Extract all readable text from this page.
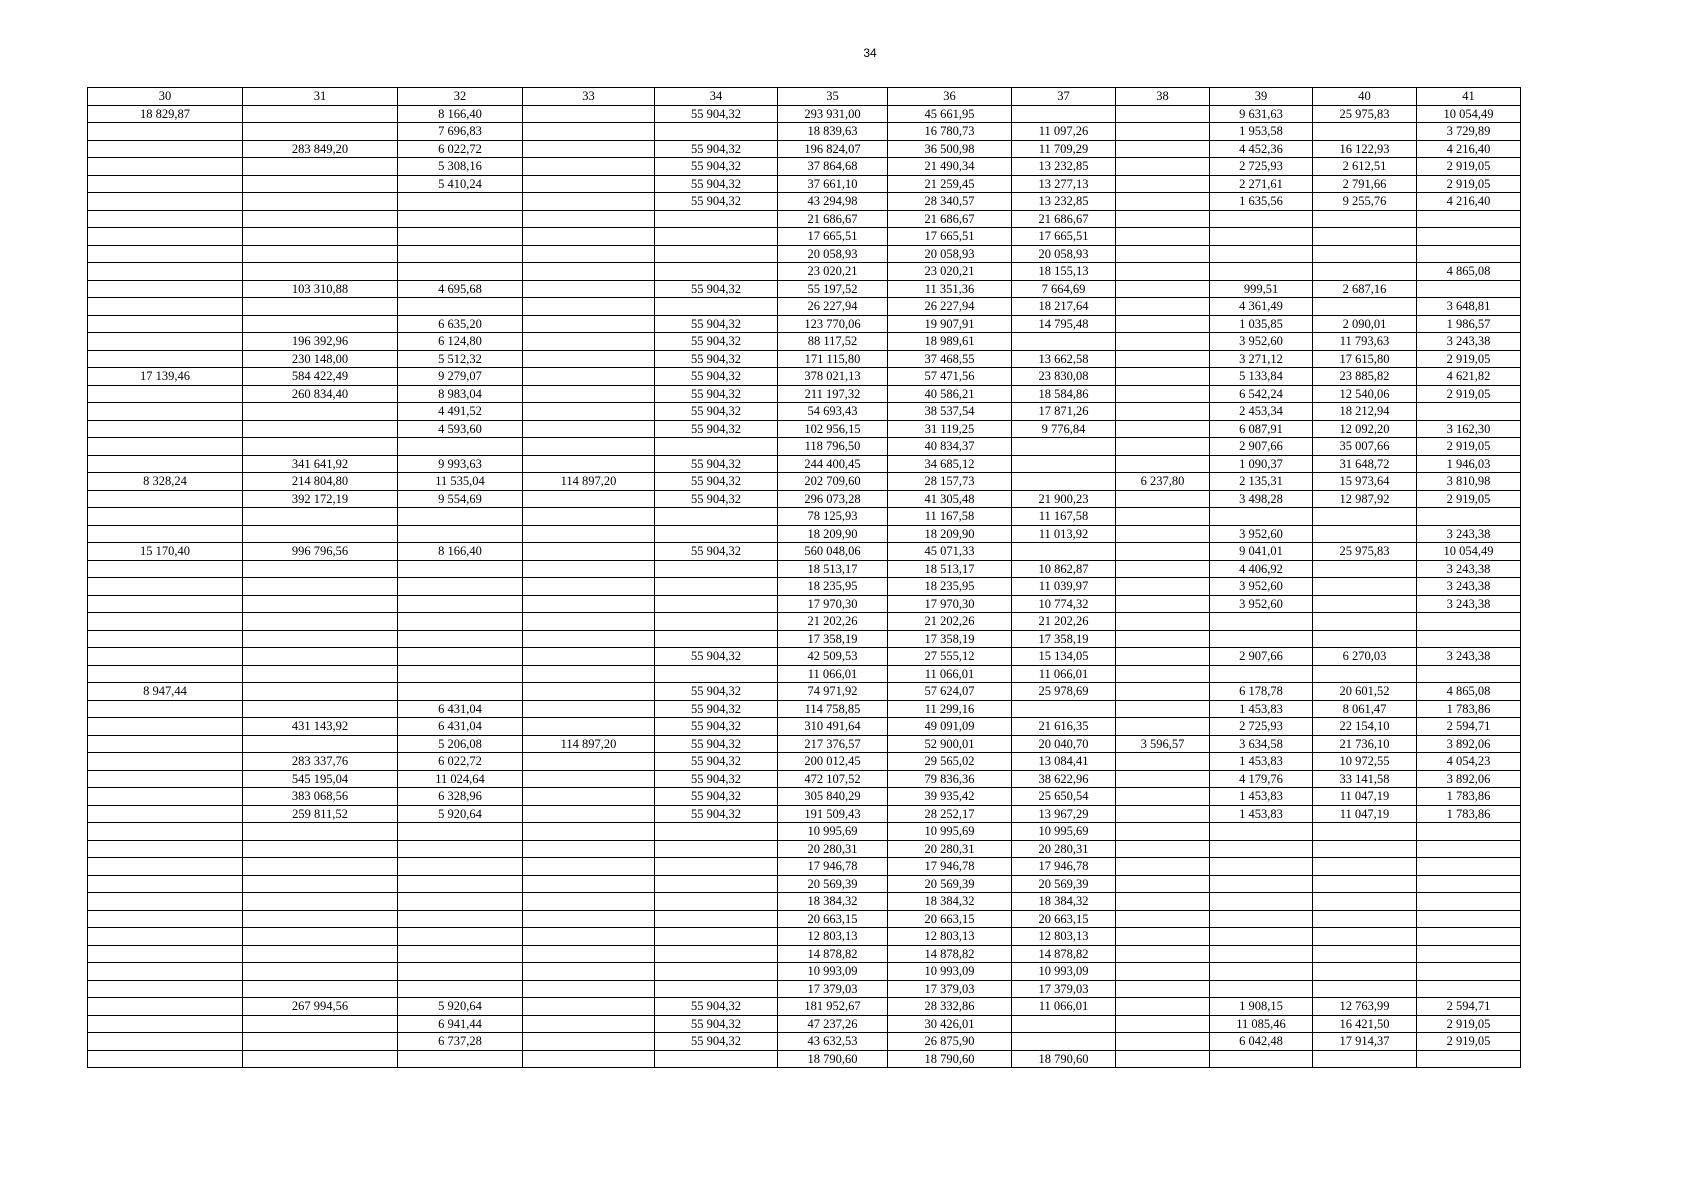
34
30	31	32	33	34	35	36	37	38	39	40	41
18 829,87		8 166,40		55 904,32	293 931,00	45 661,95			9 631,63	25 975,83	10 054,49
		7 696,83			18 839,63	16 780,73	11 097,26		1 953,58		3 729,89
	283 849,20	6 022,72		55 904,32	196 824,07	36 500,98	11 709,29		4 452,36	16 122,93	4 216,40
		5 308,16		55 904,32	37 864,68	21 490,34	13 232,85		2 725,93	2 612,51	2 919,05
		5 410,24		55 904,32	37 661,10	21 259,45	13 277,13		2 271,61	2 791,66	2 919,05
				55 904,32	43 294,98	28 340,57	13 232,85		1 635,56	9 255,76	4 216,40
					21 686,67	21 686,67	21 686,67				
					17 665,51	17 665,51	17 665,51				
					20 058,93	20 058,93	20 058,93				
					23 020,21	23 020,21	18 155,13				4 865,08
	103 310,88	4 695,68		55 904,32	55 197,52	11 351,36	7 664,69		999,51	2 687,16	
					26 227,94	26 227,94	18 217,64		4 361,49		3 648,81
		6 635,20		55 904,32	123 770,06	19 907,91	14 795,48		1 035,85	2 090,01	1 986,57
	196 392,96	6 124,80		55 904,32	88 117,52	18 989,61			3 952,60	11 793,63	3 243,38
	230 148,00	5 512,32		55 904,32	171 115,80	37 468,55	13 662,58		3 271,12	17 615,80	2 919,05
17 139,46	584 422,49	9 279,07		55 904,32	378 021,13	57 471,56	23 830,08		5 133,84	23 885,82	4 621,82
	260 834,40	8 983,04		55 904,32	211 197,32	40 586,21	18 584,86		6 542,24	12 540,06	2 919,05
		4 491,52		55 904,32	54 693,43	38 537,54	17 871,26		2 453,34	18 212,94	
		4 593,60		55 904,32	102 956,15	31 119,25	9 776,84		6 087,91	12 092,20	3 162,30
					118 796,50	40 834,37			2 907,66	35 007,66	2 919,05
	341 641,92	9 993,63		55 904,32	244 400,45	34 685,12			1 090,37	31 648,72	1 946,03
8 328,24	214 804,80	11 535,04	114 897,20	55 904,32	202 709,60	28 157,73		6 237,80	2 135,31	15 973,64	3 810,98
	392 172,19	9 554,69		55 904,32	296 073,28	41 305,48	21 900,23		3 498,28	12 987,92	2 919,05
					78 125,93	11 167,58	11 167,58				
					18 209,90	18 209,90	11 013,92		3 952,60		3 243,38
15 170,40	996 796,56	8 166,40		55 904,32	560 048,06	45 071,33			9 041,01	25 975,83	10 054,49
					18 513,17	18 513,17	10 862,87		4 406,92		3 243,38
					18 235,95	18 235,95	11 039,97		3 952,60		3 243,38
					17 970,30	17 970,30	10 774,32		3 952,60		3 243,38
					21 202,26	21 202,26	21 202,26				
					17 358,19	17 358,19	17 358,19				
				55 904,32	42 509,53	27 555,12	15 134,05		2 907,66	6 270,03	3 243,38
					11 066,01	11 066,01	11 066,01				
8 947,44				55 904,32	74 971,92	57 624,07	25 978,69		6 178,78	20 601,52	4 865,08
		6 431,04		55 904,32	114 758,85	11 299,16			1 453,83	8 061,47	1 783,86
	431 143,92	6 431,04		55 904,32	310 491,64	49 091,09	21 616,35		2 725,93	22 154,10	2 594,71
		5 206,08	114 897,20	55 904,32	217 376,57	52 900,01	20 040,70	3 596,57	3 634,58	21 736,10	3 892,06
	283 337,76	6 022,72		55 904,32	200 012,45	29 565,02	13 084,41		1 453,83	10 972,55	4 054,23
	545 195,04	11 024,64		55 904,32	472 107,52	79 836,36	38 622,96		4 179,76	33 141,58	3 892,06
	383 068,56	6 328,96		55 904,32	305 840,29	39 935,42	25 650,54		1 453,83	11 047,19	1 783,86
	259 811,52	5 920,64		55 904,32	191 509,43	28 252,17	13 967,29		1 453,83	11 047,19	1 783,86
					10 995,69	10 995,69	10 995,69				
					20 280,31	20 280,31	20 280,31				
					17 946,78	17 946,78	17 946,78				
					20 569,39	20 569,39	20 569,39				
					18 384,32	18 384,32	18 384,32				
					20 663,15	20 663,15	20 663,15				
					12 803,13	12 803,13	12 803,13				
					14 878,82	14 878,82	14 878,82				
					10 993,09	10 993,09	10 993,09				
					17 379,03	17 379,03	17 379,03				
	267 994,56	5 920,64		55 904,32	181 952,67	28 332,86	11 066,01		1 908,15	12 763,99	2 594,71
		6 941,44		55 904,32	47 237,26	30 426,01			11 085,46	16 421,50	2 919,05
		6 737,28		55 904,32	43 632,53	26 875,90			6 042,48	17 914,37	2 919,05
					18 790,60	18 790,60	18 790,60				
